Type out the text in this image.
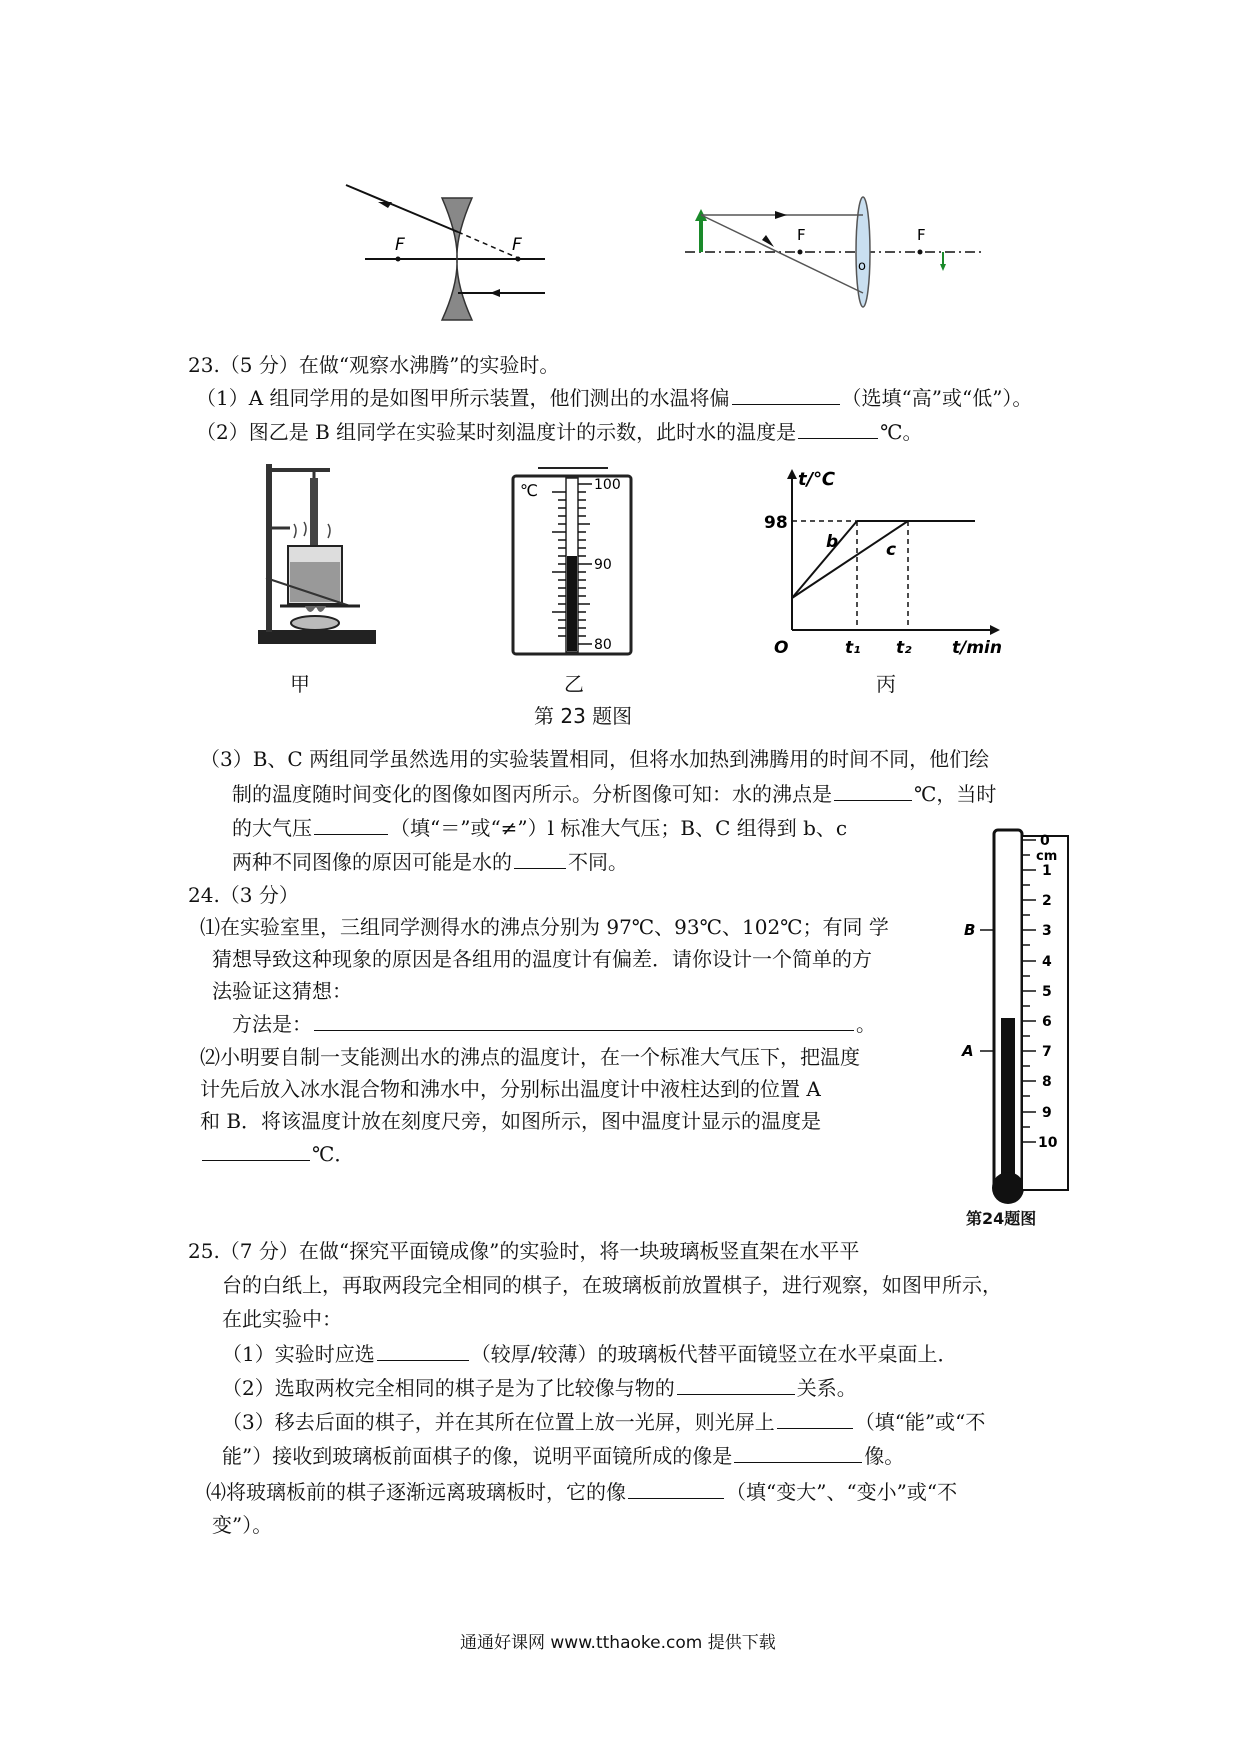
F	F	F	F
o
23.（5 分）在做“观察水沸腾”的实验时。
（1）A 组同学用的是如图甲所示装置，他们测出的水温将偏	（选填“高”或“低”）。
（2）图乙是 B 组同学在实验某时刻温度计的示数，此时水的温度是	℃。
甲
℃	100
90
80
乙
t/℃
98
O	t₁ t₂ t/min
b	c
丙
第 23 题图
（3）B、C 两组同学虽然选用的实验装置相同，但将水加热到沸腾用的时间不同，他们绘
制的温度随时间变化的图像如图丙所示。分析图像可知：水的沸点是	℃，当时
的大气压	（填“＝”或“≠”）l 标准大气压；B、C 组得到 b、c
两种不同图像的原因可能是水的	不同。
24.（3 分）
⑴在实验室里，三组同学测得水的沸点分别为 97℃、93℃、102℃；有同 学
猜想导致这种现象的原因是各组用的温度计有偏差．请你设计一个简单的方
法验证这猜想：
方法是：	。
⑵小明要自制一支能测出水的沸点的温度计，在一个标准大气压下，把温度
计先后放入冰水混合物和沸水中，分别标出温度计中液柱达到的位置 A
和 B．将该温度计放在刻度尺旁，如图所示，图中温度计显示的温度是
℃．
0
cm
1
2
3
4
5
6
7
8
9
10
B
A
第24题图
25.（7 分）在做“探究平面镜成像”的实验时，将一块玻璃板竖直架在水平平
台的白纸上，再取两段完全相同的棋子，在玻璃板前放置棋子，进行观察，如图甲所示，
在此实验中：
（1）实验时应选	（较厚/较薄）的玻璃板代替平面镜竖立在水平桌面上．
（2）选取两枚完全相同的棋子是为了比较像与物的	关系。
（3）移去后面的棋子，并在其所在位置上放一光屏，则光屏上	（填“能”或“不
能”）接收到玻璃板前面棋子的像，说明平面镜所成的像是	像。
⑷将玻璃板前的棋子逐渐远离玻璃板时，它的像	（填“变大”、“变小”或“不
变”）。
通通好课网 www.tthaoke.com 提供下载
